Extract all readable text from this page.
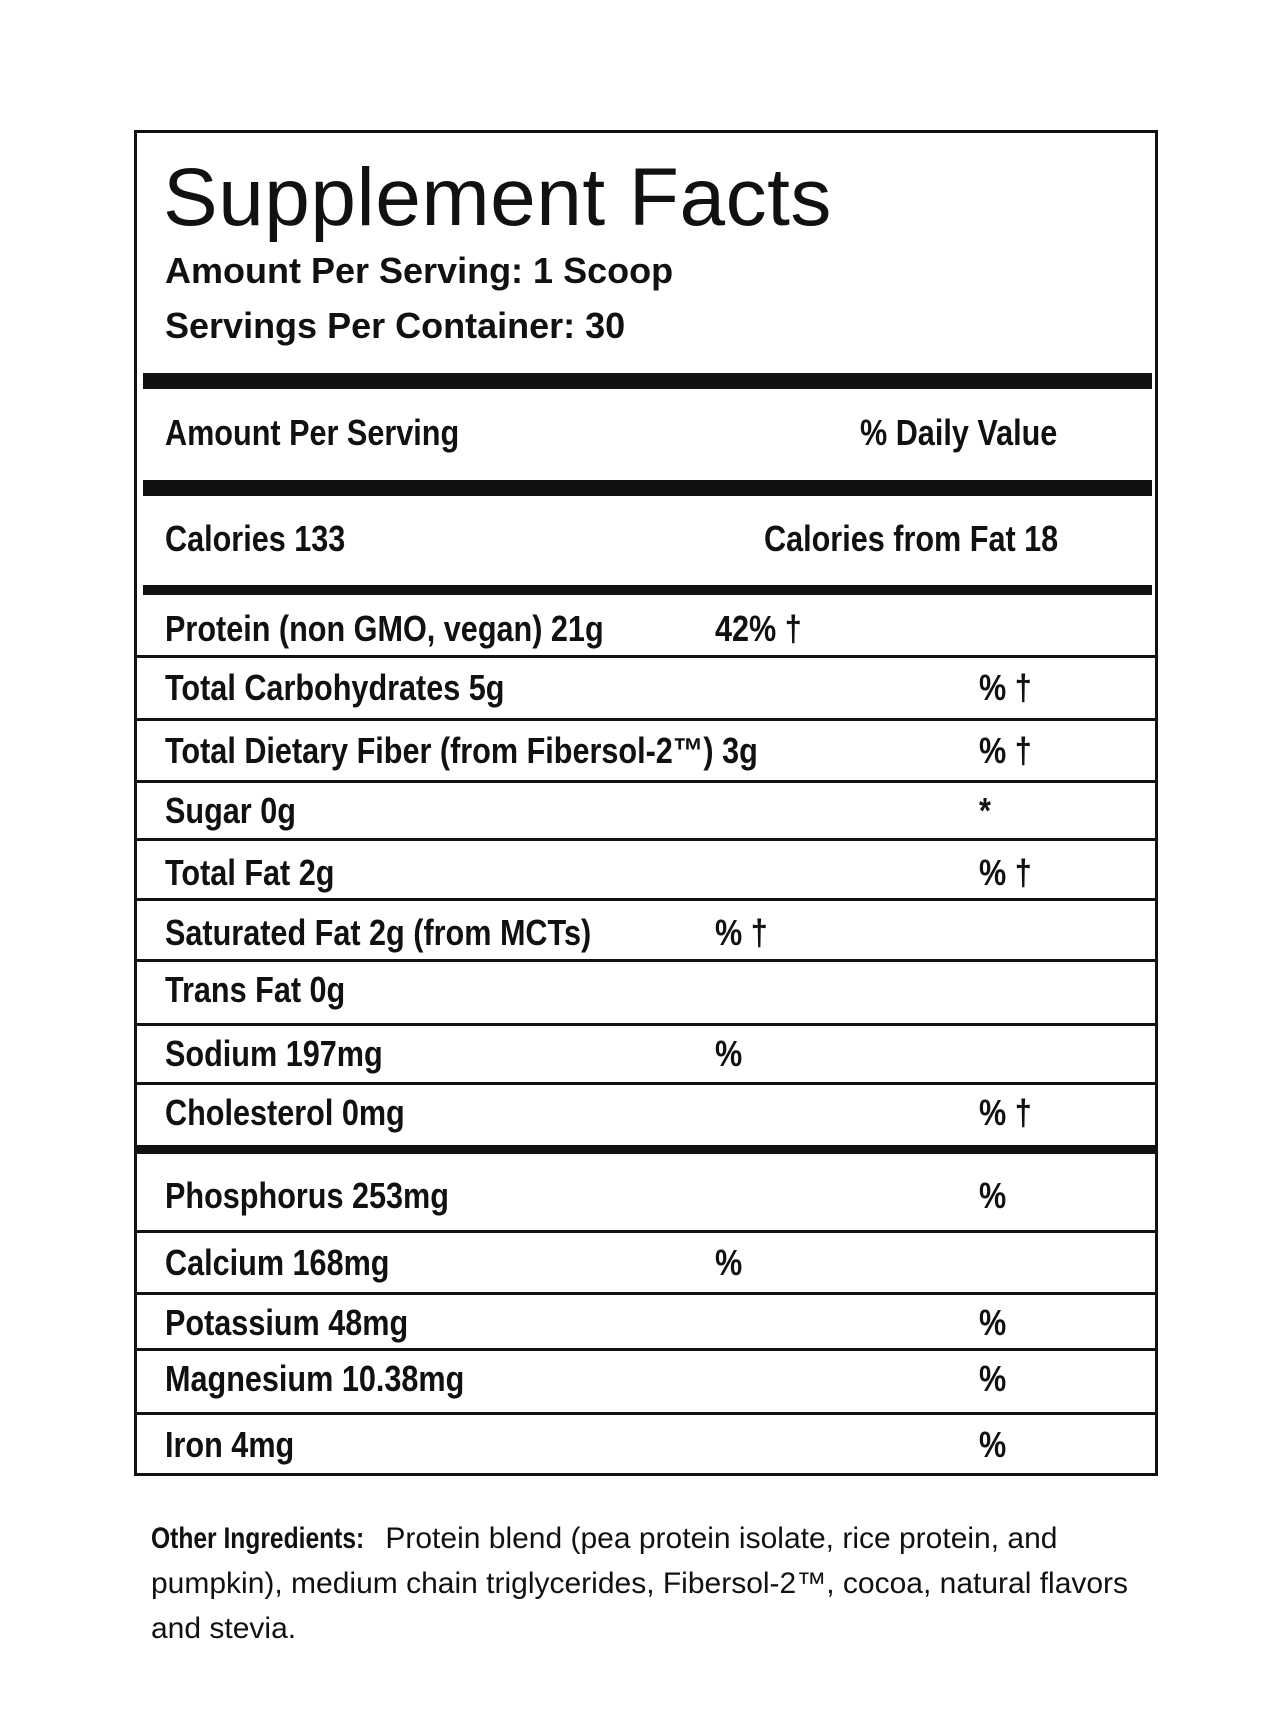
Supplement Facts
Amount Per Serving: 1 Scoop
Servings Per Container: 30
Amount Per Serving	% Daily Value
Calories 133	Calories from Fat 18
Protein (non GMO, vegan) 21g	42% †
Total Carbohydrates 5g	% †
Total Dietary Fiber (from Fibersol-2™) 3g	% †
Sugar 0g	*
Total Fat 2g	% †
Saturated Fat 2g (from MCTs)	% †
Trans Fat 0g
Sodium 197mg	%
Cholesterol 0mg	% †
Phosphorus 253mg	%
Calcium 168mg	%
Potassium 48mg	%
Magnesium 10.38mg	%
Iron 4mg	%
Other Ingredients: Protein blend (pea protein isolate, rice protein, and pumpkin), medium chain triglycerides, Fibersol-2™, cocoa, natural flavors and stevia.
